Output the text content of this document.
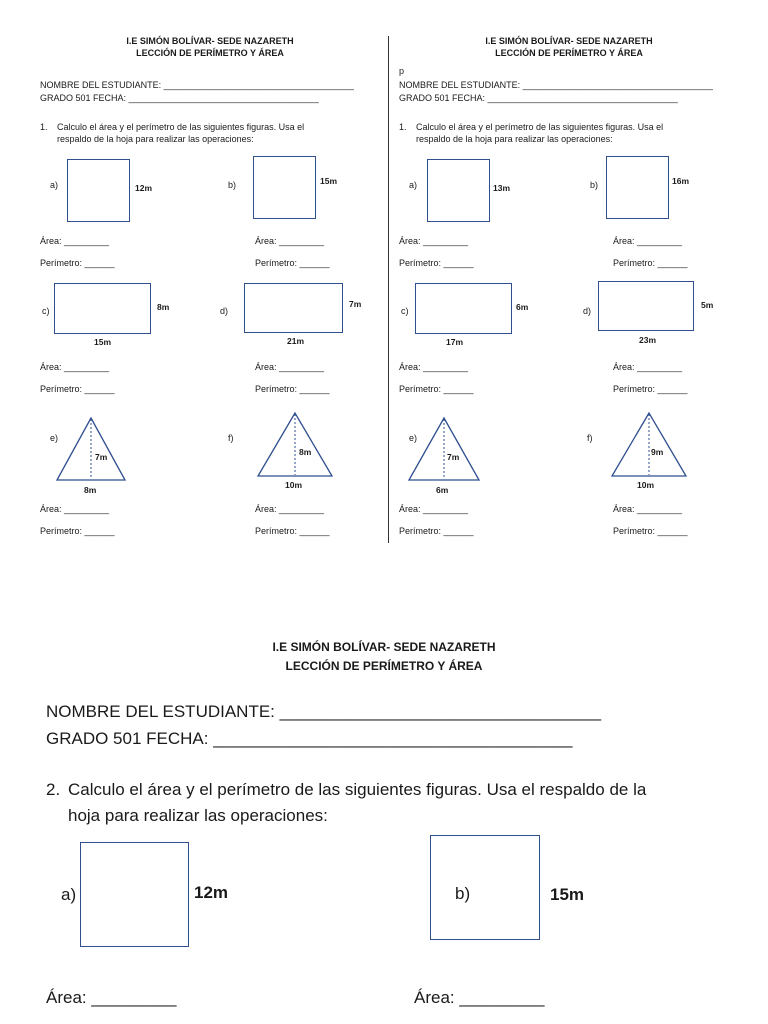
I.E SIMÓN BOLÍVAR- SEDE NAZARETH
LECCIÓN DE PERÍMETRO Y ÁREA
NOMBRE DEL ESTUDIANTE: ______________________________________
GRADO 501 FECHA: ______________________________________
1. Calculo el área y el perímetro de las siguientes figuras. Usa el
respaldo de la hoja para realizar las operaciones:
a)	12m	b)	15m
Área: _________	Área: _________
Perímetro: ______	Perímetro: ______
c)	8m
15m
d)
7m
21m
Área: _________	Área: _________
Perímetro: ______	Perímetro: ______
e)
7m
8m
f)
8m
10m
Área: _________	Área: _________
Perímetro: ______	Perímetro: ______
I.E SIMÓN BOLÍVAR- SEDE NAZARETH
LECCIÓN DE PERÍMETRO Y ÁREA
p
NOMBRE DEL ESTUDIANTE: ______________________________________
GRADO 501 FECHA: ______________________________________
1. Calculo el área y el perímetro de las siguientes figuras. Usa el
respaldo de la hoja para realizar las operaciones:
a)	13m	b)	16m
Área: _________	Área: _________
Perímetro: ______	Perímetro: ______
c)	6m
17m
d)
5m
23m
Área: _________	Área: _________
Perímetro: ______	Perímetro: ______
e)
7m
6m
f)
9m
10m
Área: _________	Área: _________
Perímetro: ______	Perímetro: ______
I.E SIMÓN BOLÍVAR- SEDE NAZARETH
LECCIÓN DE PERÍMETRO Y ÁREA
NOMBRE DEL ESTUDIANTE: __________________________________
GRADO 501 FECHA: ______________________________________
2. Calculo el área y el perímetro de las siguientes figuras. Usa el respaldo de la
hoja para realizar las operaciones:
a)	12m	b)	15m
Área: _________	Área: _________
